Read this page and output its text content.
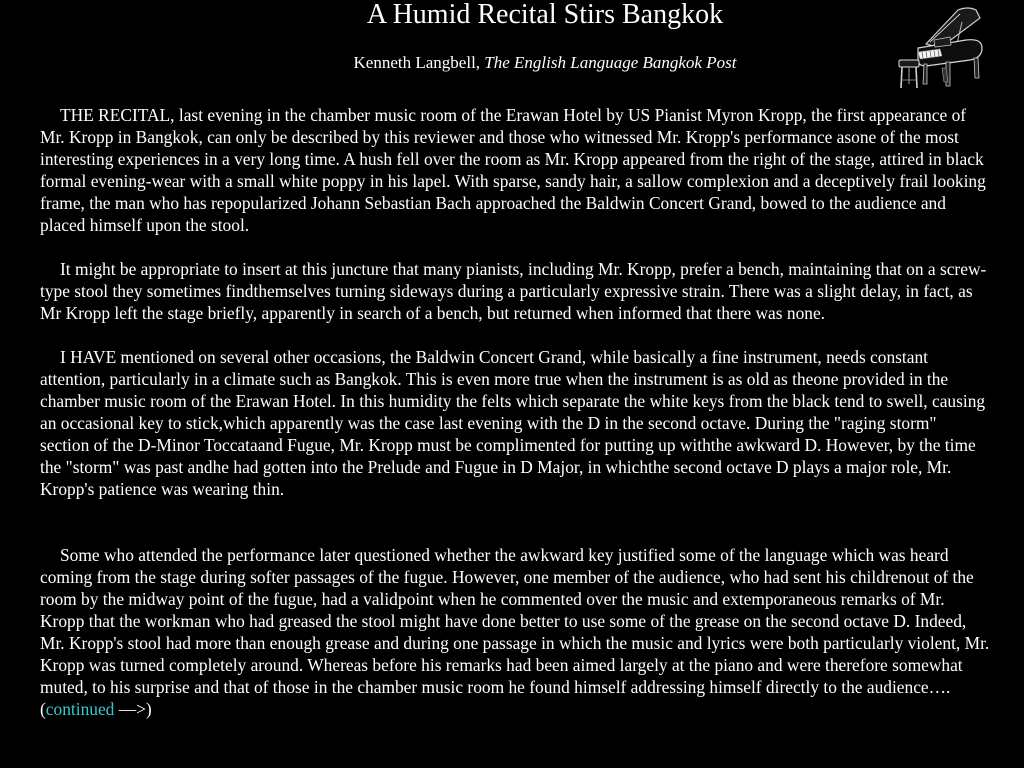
A Humid Recital Stirs Bangkok
Kenneth Langbell, The English Language Bangkok Post

THE RECITAL, last evening in the chamber music room of the Erawan Hotel by US Pianist Myron Kropp, the first appearance of Mr. Kropp in Bangkok, can only be described by this reviewer and those who witnessed Mr. Kropp's performance asone of the most interesting experiences in a very long time. A hush fell over the room as Mr. Kropp appeared from the right of the stage, attired in black formal evening-wear with a small white poppy in his lapel. With sparse, sandy hair, a sallow complexion and a deceptively frail looking frame, the man who has repopularized Johann Sebastian Bach approached the Baldwin Concert Grand, bowed to the audience and placed himself upon the stool.

It might be appropriate to insert at this juncture that many pianists, including Mr. Kropp, prefer a bench, maintaining that on a screw-type stool they sometimes findthemselves turning sideways during a particularly expressive strain. There was a slight delay, in fact, as Mr Kropp left the stage briefly, apparently in search of a bench, but returned when informed that there was none.

I HAVE mentioned on several other occasions, the Baldwin Concert Grand, while basically a fine instrument, needs constant attention, particularly in a climate such as Bangkok. This is even more true when the instrument is as old as theone provided in the chamber music room of the Erawan Hotel. In this humidity the felts which separate the white keys from the black tend to swell, causing an occasional key to stick,which apparently was the case last evening with the D in the second octave. During the "raging storm" section of the D-Minor Toccataand Fugue, Mr. Kropp must be complimented for putting up withthe awkward D. However, by the time the "storm" was past andhe had gotten into the Prelude and Fugue in D Major, in whichthe second octave D plays a major role, Mr. Kropp's patience was wearing thin.

Some who attended the performance later questioned whether the awkward key justified some of the language which was heard coming from the stage during softer passages of the fugue. However, one member of the audience, who had sent his childrenout of the room by the midway point of the fugue, had a validpoint when he commented over the music and extemporaneous remarks of Mr. Kropp that the workman who had greased the stool might have done better to use some of the grease on the second octave D. Indeed, Mr. Kropp's stool had more than enough grease and during one passage in which the music and lyrics were both particularly violent, Mr. Kropp was turned completely around. Whereas before his remarks had been aimed largely at the piano and were therefore somewhat muted, to his surprise and that of those in the chamber music room he found himself addressing himself directly to the audience…. (continued —>)
